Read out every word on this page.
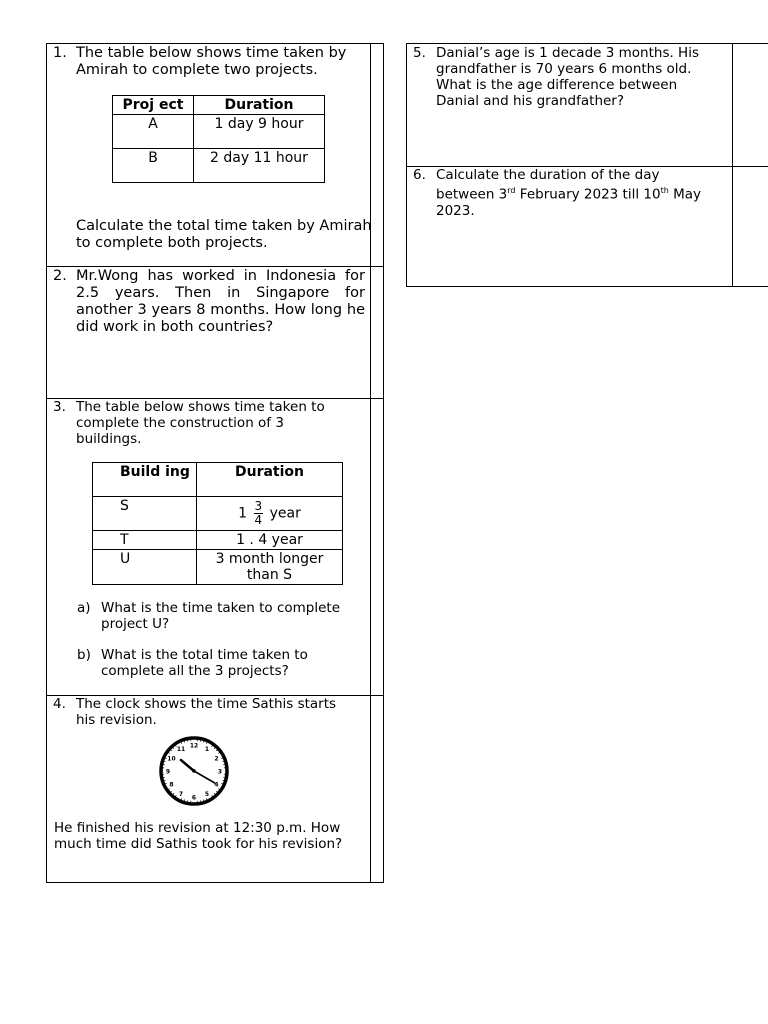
1. The table below shows time taken by Amirah to complete two projects.
Proj ect	Duration
A	1 day 9 hour
B	2 day 11 hour
Calculate the total time taken by Amirah to complete both projects.
2. Mr.Wong has worked in Indonesia for 2.5 years. Then in Singapore for another 3 years 8 months. How long he did work in both countries?
3. The table below shows time taken to complete the construction of 3 buildings.
Build ing	Duration
S	$1 \frac{3}{4}$ year
T	1 . 4 year
U	3 month longer than S
a) What is the time taken to complete project U?
b) What is the total time taken to complete all the 3 projects?
4. The clock shows the time Sathis starts his revision.
12 1
2
3
4
5
6
7
8
9
10
11
He finished his revision at 12:30 p.m. How much time did Sathis took for his revision?
5. Danial’s age is 1 decade 3 months. His grandfather is 70 years 6 months old. What is the age difference between Danial and his grandfather?
6. Calculate the duration of the day between 3rd February 2023 till 10th May 2023.
